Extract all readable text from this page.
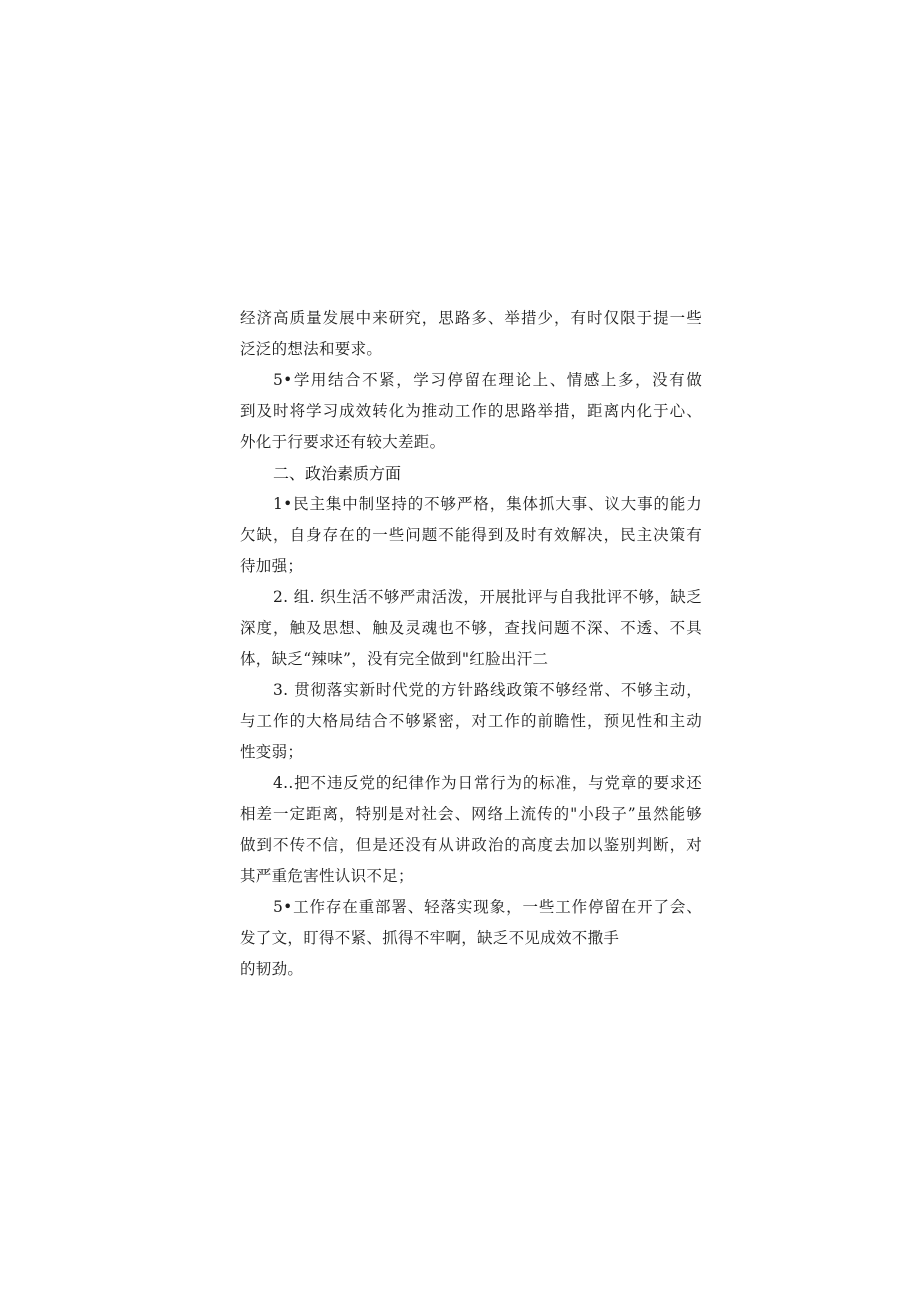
经济高质量发展中来研究，思路多、举措少，有时仅限于提一些
泛泛的想法和要求。
5•学用结合不紧，学习停留在理论上、情感上多，没有做
到及时将学习成效转化为推动工作的思路举措，距离内化于心、
外化于行要求还有较大差距。
二、政治素质方面
1•民主集中制坚持的不够严格，集体抓大事、议大事的能力
欠缺，自身存在的一些问题不能得到及时有效解决，民主决策有
待加强；
2. 组. 织生活不够严肃活泼，开展批评与自我批评不够，缺乏
深度，触及思想、触及灵魂也不够，查找问题不深、不透、不具
体，缺乏“辣味”，没有完全做到"红脸出汗二
3. 贯彻落实新时代党的方针路线政策不够经常、不够主动，
与工作的大格局结合不够紧密，对工作的前瞻性，预见性和主动
性变弱；
4..把不违反党的纪律作为日常行为的标准，与党章的要求还
相差一定距离，特别是对社会、网络上流传的"小段子”虽然能够
做到不传不信，但是还没有从讲政治的高度去加以鉴别判断，对
其严重危害性认识不足；
5•工作存在重部署、轻落实现象，一些工作停留在开了会、
发了文，盯得不紧、抓得不牢啊，缺乏不见成效不撒手
的韧劲。
